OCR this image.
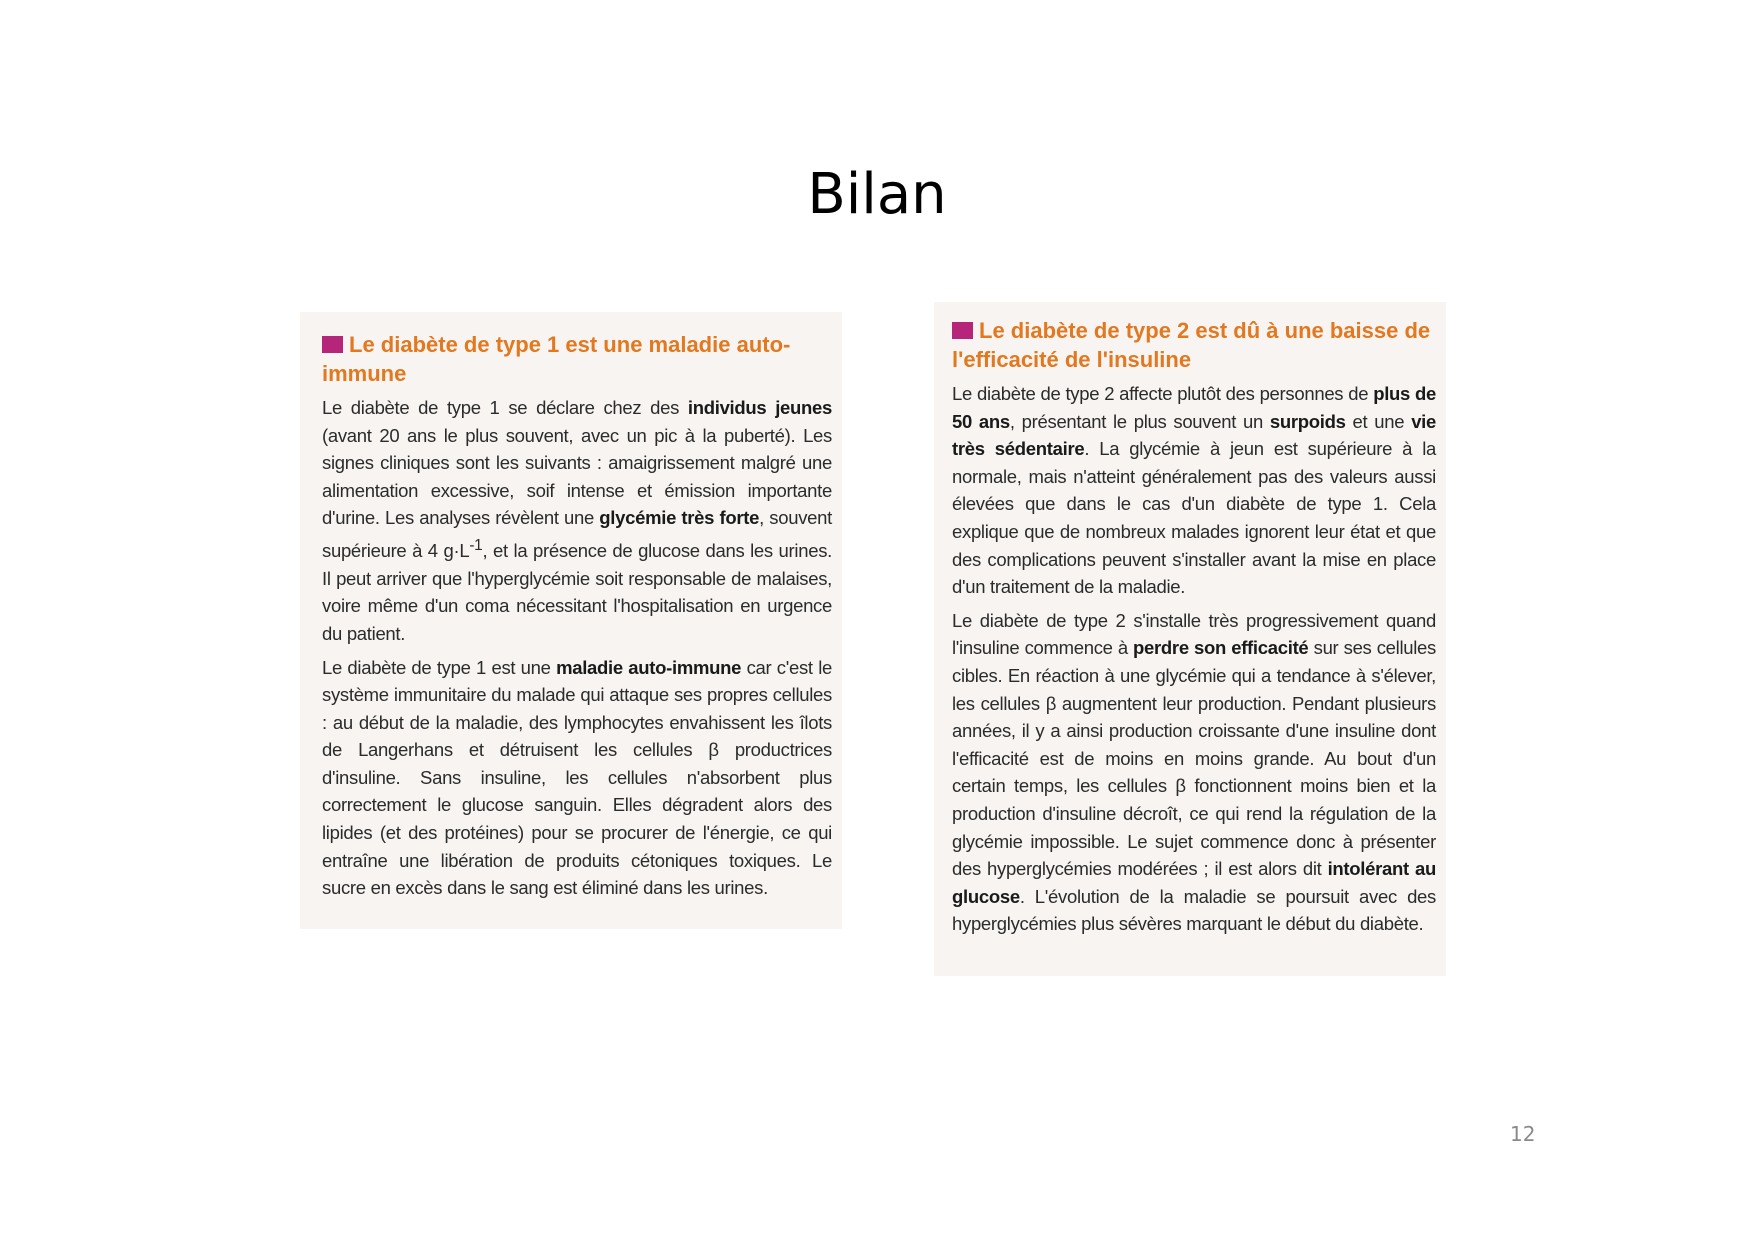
Bilan
Le diabète de type 1 est une maladie auto-immune

Le diabète de type 1 se déclare chez des individus jeunes (avant 20 ans le plus souvent, avec un pic à la puberté). Les signes cliniques sont les suivants : amaigrissement malgré une alimentation excessive, soif intense et émission importante d'urine. Les analyses révèlent une glycémie très forte, souvent supérieure à 4 $g\cdot L^{-1}$, et la présence de glucose dans les urines. Il peut arriver que l'hyperglycémie soit responsable de malaises, voire même d'un coma nécessitant l'hospitalisation en urgence du patient.

Le diabète de type 1 est une maladie auto-immune car c'est le système immunitaire du malade qui attaque ses propres cellules : au début de la maladie, des lymphocytes envahissent les îlots de Langerhans et détruisent les cellules β productrices d'insuline. Sans insuline, les cellules n'absorbent plus correctement le glucose sanguin. Elles dégradent alors des lipides (et des protéines) pour se procurer de l'énergie, ce qui entraîne une libération de produits cétoniques toxiques. Le sucre en excès dans le sang est éliminé dans les urines.

Le diabète de type 2 est dû à une baisse de l'efficacité de l'insuline

Le diabète de type 2 affecte plutôt des personnes de plus de 50 ans, présentant le plus souvent un surpoids et une vie très sédentaire. La glycémie à jeun est supérieure à la normale, mais n'atteint généralement pas des valeurs aussi élevées que dans le cas d'un diabète de type 1. Cela explique que de nombreux malades ignorent leur état et que des complications peuvent s'installer avant la mise en place d'un traitement de la maladie.

Le diabète de type 2 s'installe très progressivement quand l'insuline commence à perdre son efficacité sur ses cellules cibles. En réaction à une glycémie qui a tendance à s'élever, les cellules β augmentent leur production. Pendant plusieurs années, il y a ainsi production croissante d'une insuline dont l'efficacité est de moins en moins grande. Au bout d'un certain temps, les cellules β fonctionnent moins bien et la production d'insuline décroît, ce qui rend la régulation de la glycémie impossible. Le sujet commence donc à présenter des hyperglycémies modérées ; il est alors dit intolérant au glucose. L'évolution de la maladie se poursuit avec des hyperglycémies plus sévères marquant le début du diabète.

12
